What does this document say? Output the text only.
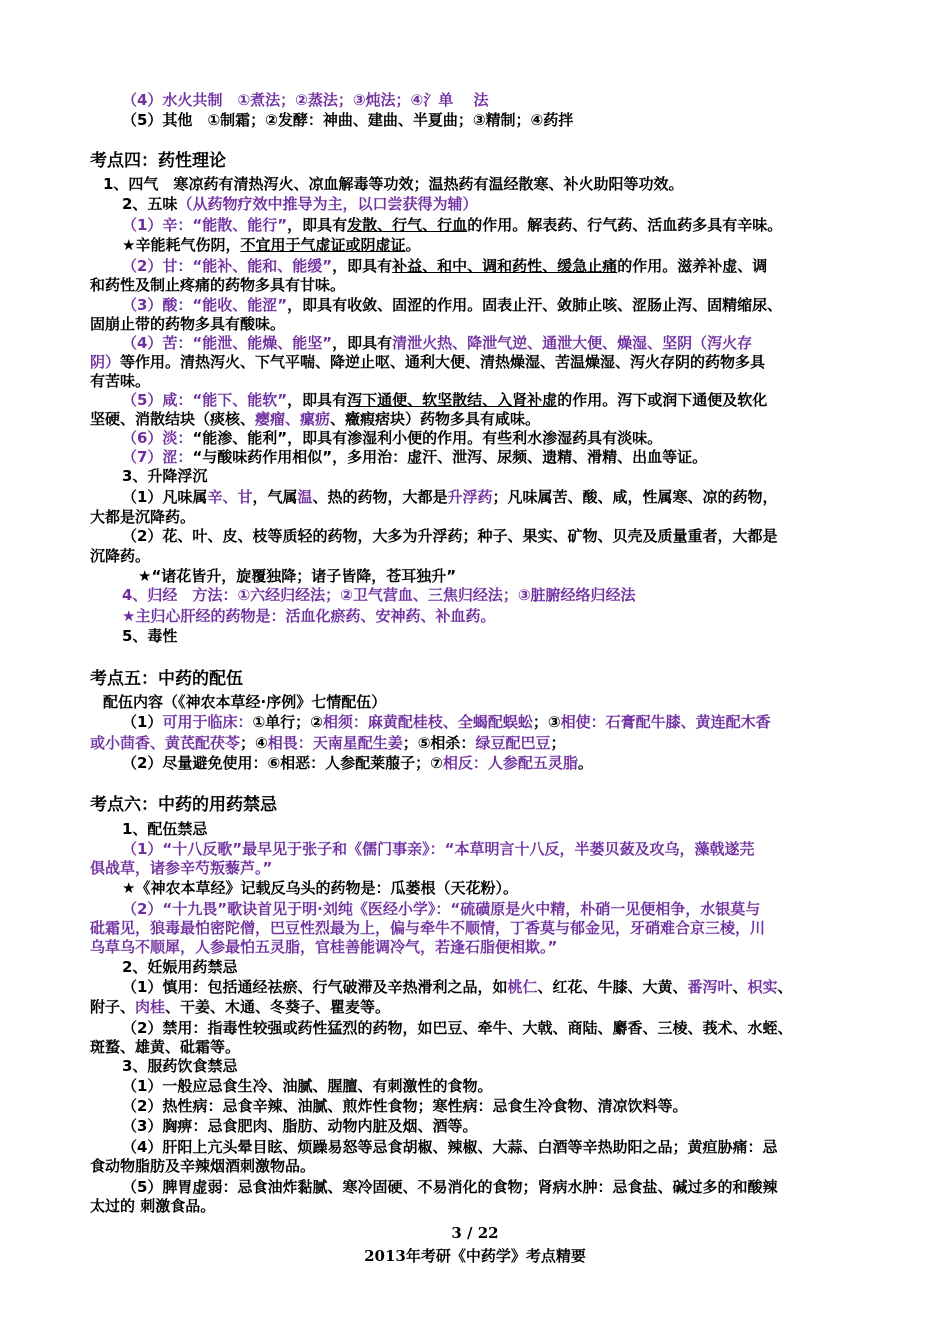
（4）水火共制　①煮法；②蒸法；③炖法；④氵单　 法
（5）其他　①制霜；②发酵：神曲、建曲、半夏曲；③精制；④药拌
考点四：药性理论
1、四气　寒凉药有清热泻火、凉血解毒等功效；温热药有温经散寒、补火助阳等功效。
2、五味（从药物疗效中推导为主，以口尝获得为辅）
（1）辛：“能散、能行”，即具有发散、行气、行血的作用。解表药、行气药、活血药多具有辛味。
★辛能耗气伤阴，不宜用于气虚证或阴虚证。
（2）甘：“能补、能和、能缓”，即具有补益、和中、调和药性、缓急止痛的作用。滋养补虚、调
和药性及制止疼痛的药物多具有甘味。
（3）酸：“能收、能涩”，即具有收敛、固涩的作用。固表止汗、敛肺止咳、涩肠止泻、固精缩尿、
固崩止带的药物多具有酸味。
（4）苦：“能泄、能燥、能坚”，即具有清泄火热、降泄气逆、通泄大便、燥湿、坚阴（泻火存
阴）等作用。清热泻火、下气平喘、降逆止呕、通利大便、清热燥湿、苦温燥湿、泻火存阴的药物多具
有苦味。
（5）咸：“能下、能软”，即具有泻下通便、软坚散结、入肾补虚的作用。泻下或润下通便及软化
坚硬、消散结块（痰核、瘿瘤、瘰疬、癥瘕痞块）药物多具有咸味。
（6）淡：“能渗、能利”，即具有渗湿利小便的作用。有些利水渗湿药具有淡味。
（7）涩：“与酸味药作用相似”，多用治：虚汗、泄泻、尿频、遗精、滑精、出血等证。
3、升降浮沉
（1）凡味属辛、甘，气属温、热的药物，大都是升浮药；凡味属苦、酸、咸，性属寒、凉的药物，
大都是沉降药。
（2）花、叶、皮、枝等质轻的药物，大多为升浮药；种子、果实、矿物、贝壳及质量重者，大都是
沉降药。
★“诸花皆升，旋覆独降；诸子皆降，苍耳独升”
4、归经　方法：①六经归经法；②卫气营血、三焦归经法；③脏腑经络归经法
★主归心肝经的药物是：活血化瘀药、安神药、补血药。
5、毒性
考点五：中药的配伍
配伍内容（《神农本草经·序例》七情配伍）
（1）可用于临床：①单行；②相须：麻黄配桂枝、全蝎配蜈蚣；③相使：石膏配牛膝、黄连配木香
或小茴香、黄芪配茯苓；④相畏：天南星配生姜；⑤相杀：绿豆配巴豆；
（2）尽量避免使用：⑥相恶：人参配莱菔子；⑦相反：人参配五灵脂。
考点六：中药的用药禁忌
1、配伍禁忌
（1）“十八反歌”最早见于张子和《儒门事亲》：“本草明言十八反，半蒌贝蔹及攻乌，藻戟遂芫
俱战草，诸参辛芍叛藜芦。”
★《神农本草经》记载反乌头的药物是：瓜蒌根（天花粉）。
（2）“十九畏”歌诀首见于明·刘纯《医经小学》：“硫磺原是火中精，朴硝一见便相争，水银莫与
砒霜见，狼毒最怕密陀僧，巴豆性烈最为上，偏与牵牛不顺情，丁香莫与郁金见，牙硝难合京三棱，川
乌草乌不顺犀，人参最怕五灵脂，官桂善能调冷气，若逢石脂便相欺。”
2、妊娠用药禁忌
（1）慎用：包括通经祛瘀、行气破滞及辛热滑利之品，如桃仁、红花、牛膝、大黄、番泻叶、枳实、
附子、肉桂、干姜、木通、冬葵子、瞿麦等。
（2）禁用：指毒性较强或药性猛烈的药物，如巴豆、牵牛、大戟、商陆、麝香、三棱、莪术、水蛭、
斑蝥、雄黄、砒霜等。
3、服药饮食禁忌
（1）一般应忌食生冷、油腻、腥膻、有刺激性的食物。
（2）热性病：忌食辛辣、油腻、煎炸性食物；寒性病：忌食生冷食物、清凉饮料等。
（3）胸痹：忌食肥肉、脂肪、动物内脏及烟、酒等。
（4）肝阳上亢头晕目眩、烦躁易怒等忌食胡椒、辣椒、大蒜、白酒等辛热助阳之品；黄疸胁痛：忌
食动物脂肪及辛辣烟酒刺激物品。
（5）脾胃虚弱：忌食油炸黏腻、寒冷固硬、不易消化的食物；肾病水肿：忌食盐、碱过多的和酸辣
太过的 刺激食品。
3 / 22
2013年考研《中药学》考点精要
